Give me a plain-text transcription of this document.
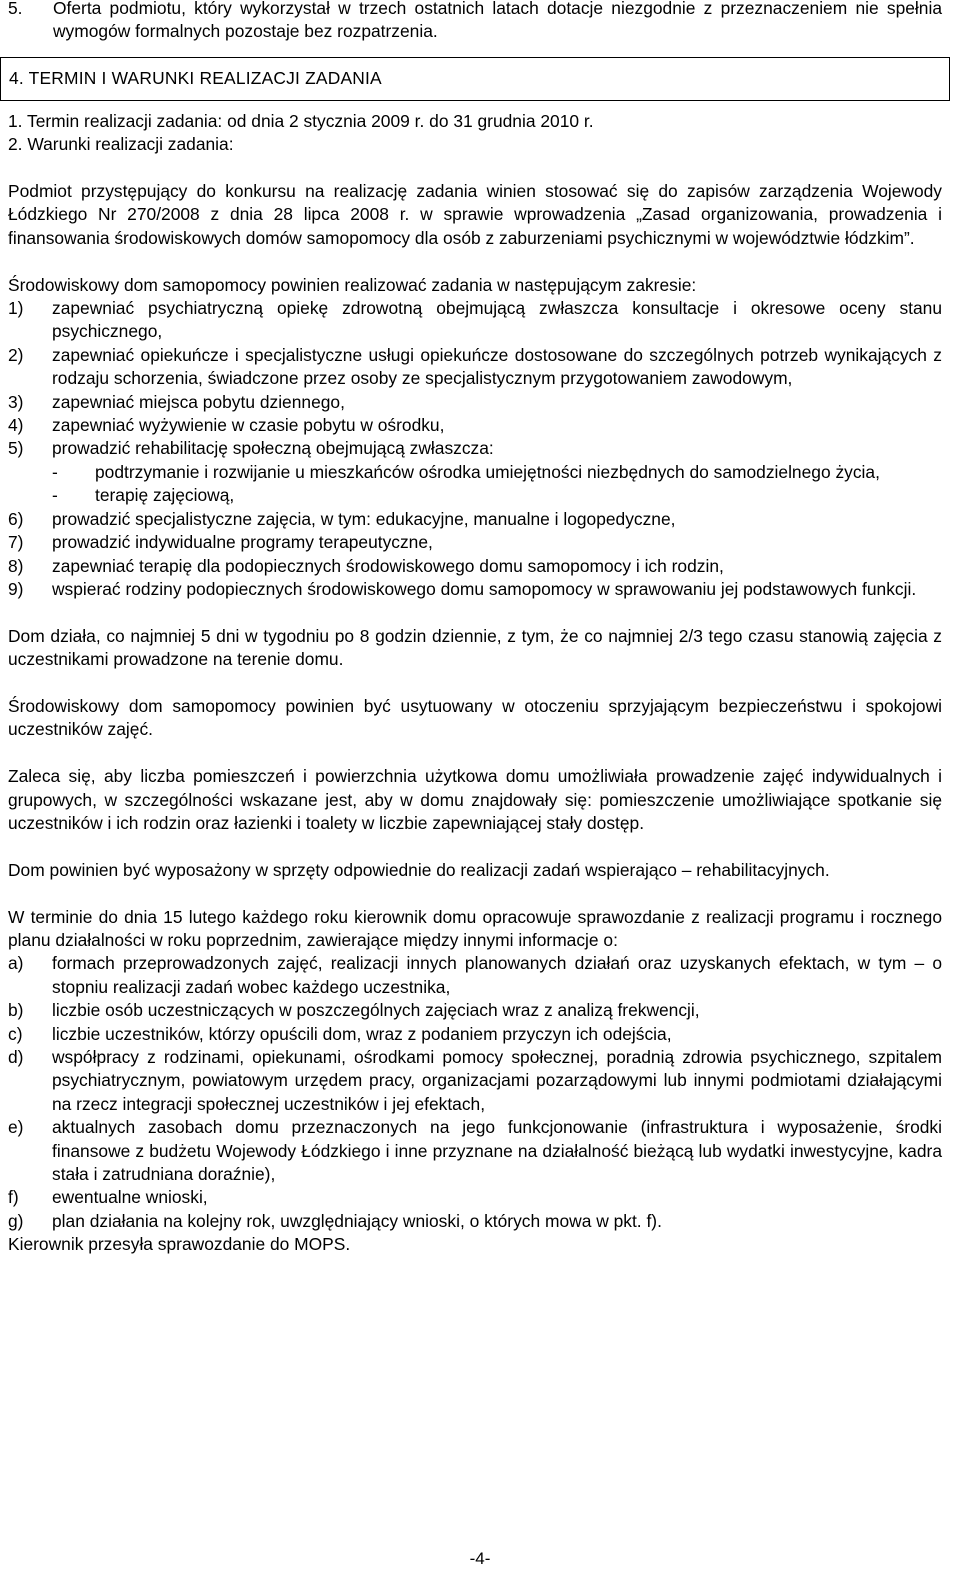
5.	Oferta podmiotu, który wykorzystał w trzech ostatnich latach dotacje niezgodnie z przeznaczeniem nie spełnia wymogów formalnych pozostaje bez rozpatrzenia.
4. TERMIN I WARUNKI REALIZACJI ZADANIA

1. Termin realizacji zadania: od dnia 2 stycznia 2009 r. do 31 grudnia 2010 r.

2. Warunki realizacji zadania:

Podmiot przystępujący do konkursu na realizację zadania winien stosować się do zapisów zarządzenia Wojewody Łódzkiego Nr 270/2008 z dnia 28 lipca 2008 r. w sprawie wprowadzenia „Zasad organizowania, prowadzenia i finansowania środowiskowych domów samopomocy dla osób z zaburzeniami psychicznymi w województwie łódzkim”.

Środowiskowy dom samopomocy powinien realizować zadania w następującym zakresie:

1)	zapewniać psychiatryczną opiekę zdrowotną obejmującą zwłaszcza konsultacje i okresowe oceny stanu psychicznego,
2)	zapewniać opiekuńcze i specjalistyczne usługi opiekuńcze dostosowane do szczególnych potrzeb wynikających z rodzaju schorzenia, świadczone przez osoby ze specjalistycznym przygotowaniem zawodowym,
3)	zapewniać miejsca pobytu dziennego,
4)	zapewniać wyżywienie w czasie pobytu w ośrodku,
5)	prowadzić rehabilitację społeczną obejmującą zwłaszcza:
-	podtrzymanie i rozwijanie u mieszkańców ośrodka umiejętności niezbędnych do samodzielnego życia,
-	terapię zajęciową,
6)	prowadzić specjalistyczne zajęcia, w tym: edukacyjne, manualne i logopedyczne,
7)	prowadzić indywidualne programy terapeutyczne,
8)	zapewniać terapię dla podopiecznych środowiskowego domu samopomocy i ich rodzin,
9)	wspierać rodziny podopiecznych środowiskowego domu samopomocy w sprawowaniu jej podstawowych funkcji.

Dom działa, co najmniej 5 dni w tygodniu po 8 godzin dziennie, z tym, że co najmniej 2/3 tego czasu stanowią zajęcia z uczestnikami prowadzone na terenie domu.

Środowiskowy dom samopomocy powinien być usytuowany w otoczeniu sprzyjającym bezpieczeństwu i spokojowi uczestników zajęć.

Zaleca się, aby liczba pomieszczeń i powierzchnia użytkowa domu umożliwiała prowadzenie zajęć indywidualnych i grupowych, w szczególności wskazane jest, aby w domu znajdowały się: pomieszczenie umożliwiające spotkanie się uczestników i ich rodzin oraz łazienki i toalety w liczbie zapewniającej stały dostęp.

Dom powinien być wyposażony w sprzęty odpowiednie do realizacji zadań wspierająco – rehabilitacyjnych.

W terminie do dnia 15 lutego każdego roku kierownik domu opracowuje sprawozdanie z realizacji programu i rocznego planu działalności w roku poprzednim, zawierające między innymi informacje o:

a)	formach przeprowadzonych zajęć, realizacji innych planowanych działań oraz uzyskanych efektach, w tym – o stopniu realizacji zadań wobec każdego uczestnika,
b)	liczbie osób uczestniczących w poszczególnych zajęciach wraz z analizą frekwencji,
c)	liczbie uczestników, którzy opuścili dom, wraz z podaniem przyczyn ich odejścia,
d)	współpracy z rodzinami, opiekunami, ośrodkami pomocy społecznej, poradnią zdrowia psychicznego, szpitalem psychiatrycznym, powiatowym urzędem pracy, organizacjami pozarządowymi lub innymi podmiotami działającymi na rzecz integracji społecznej uczestników i jej efektach,
e)	aktualnych zasobach domu przeznaczonych na jego funkcjonowanie (infrastruktura i wyposażenie, środki finansowe z budżetu Wojewody Łódzkiego i inne przyznane na działalność bieżącą lub wydatki inwestycyjne, kadra stała i zatrudniana doraźnie),
f)	ewentualne wnioski,
g)	plan działania na kolejny rok, uwzględniający wnioski, o których mowa w pkt. f).

Kierownik przesyła sprawozdanie do MOPS.

-4-
